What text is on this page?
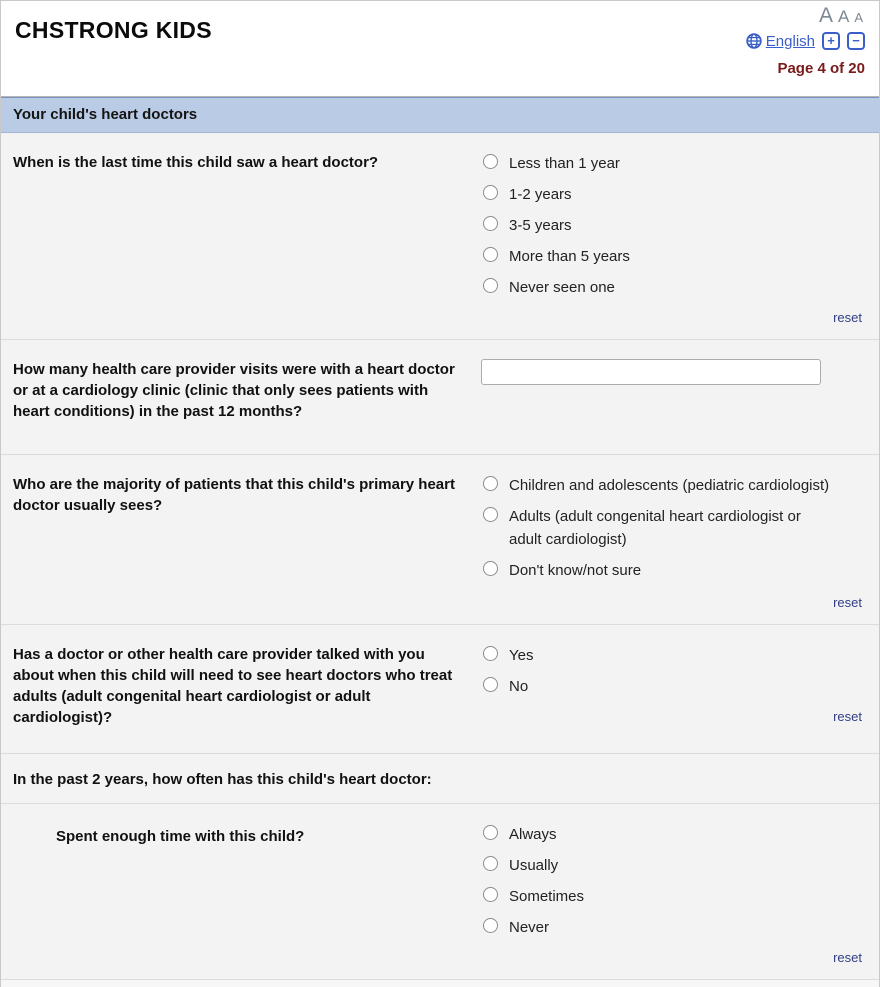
CHSTRONG KIDS
A A A
English +	−
Page 4 of 20
Your child's heart doctors
When is the last time this child saw a heart doctor?	Less than 1 year
1-2 years
3-5 years
More than 5 years
Never seen one
reset
How many health care provider visits were with a heart doctor or at a cardiology clinic (clinic that only sees patients with heart conditions) in the past 12 months?
Who are the majority of patients that this child's primary heart doctor usually sees?
Children and adolescents (pediatric cardiologist)
Adults (adult congenital heart cardiologist or adult cardiologist)
Don't know/not sure
reset
Has a doctor or other health care provider talked with you about when this child will need to see heart doctors who treat adults (adult congenital heart cardiologist or adult cardiologist)?
Yes
No
reset
In the past 2 years, how often has this child's heart doctor:
Spent enough time with this child?	Always
Usually
Sometimes
Never
reset
